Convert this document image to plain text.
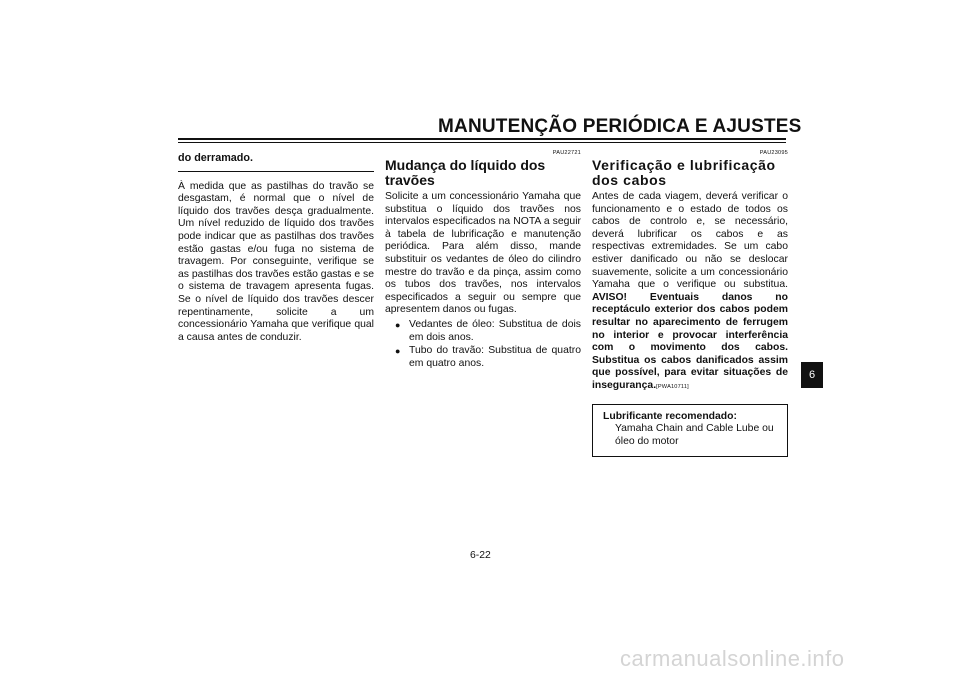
MANUTENÇÃO PERIÓDICA E AJUSTES
do derramado.

À medida que as pastilhas do travão se desgastam, é normal que o nível de líquido dos travões desça gradualmente. Um nível reduzido de líquido dos travões pode indicar que as pastilhas dos travões estão gastas e/ou fuga no sistema de travagem. Por conseguinte, verifique se as pastilhas dos travões estão gastas e se o sistema de travagem apresenta fugas. Se o nível de líquido dos travões descer repentinamente, solicite a um concessionário Yamaha que verifique qual a causa antes de conduzir.

PAU22721
Mudança do líquido dos travões

Solicite a um concessionário Yamaha que substitua o líquido dos travões nos intervalos especificados na NOTA a seguir à tabela de lubrificação e manutenção periódica. Para além disso, mande substituir os vedantes de óleo do cilindro mestre do travão e da pinça, assim como os tubos dos travões, nos intervalos especificados a seguir ou sempre que apresentem danos ou fugas.

● Vedantes de óleo: Substitua de dois em dois anos.
● Tubo do travão: Substitua de quatro em quatro anos.
PAU23095
Verificação e lubrificação dos cabos

Antes de cada viagem, deverá verificar o funcionamento e o estado de todos os cabos de controlo e, se necessário, deverá lubrificar os cabos e as respectivas extremidades. Se um cabo estiver danificado ou não se deslocar suavemente, solicite a um concessionário Yamaha que o verifique ou substitua. AVISO! Eventuais danos no receptáculo exterior dos cabos podem resultar no aparecimento de ferrugem no interior e provocar interferência com o movimento dos cabos. Substitua os cabos danificados assim que possível, para evitar situações de insegurança.[PWA10711]

Lubrificante recomendado:
Yamaha Chain and Cable Lube ou
óleo do motor
6
6-22
carmanualsonline.info
